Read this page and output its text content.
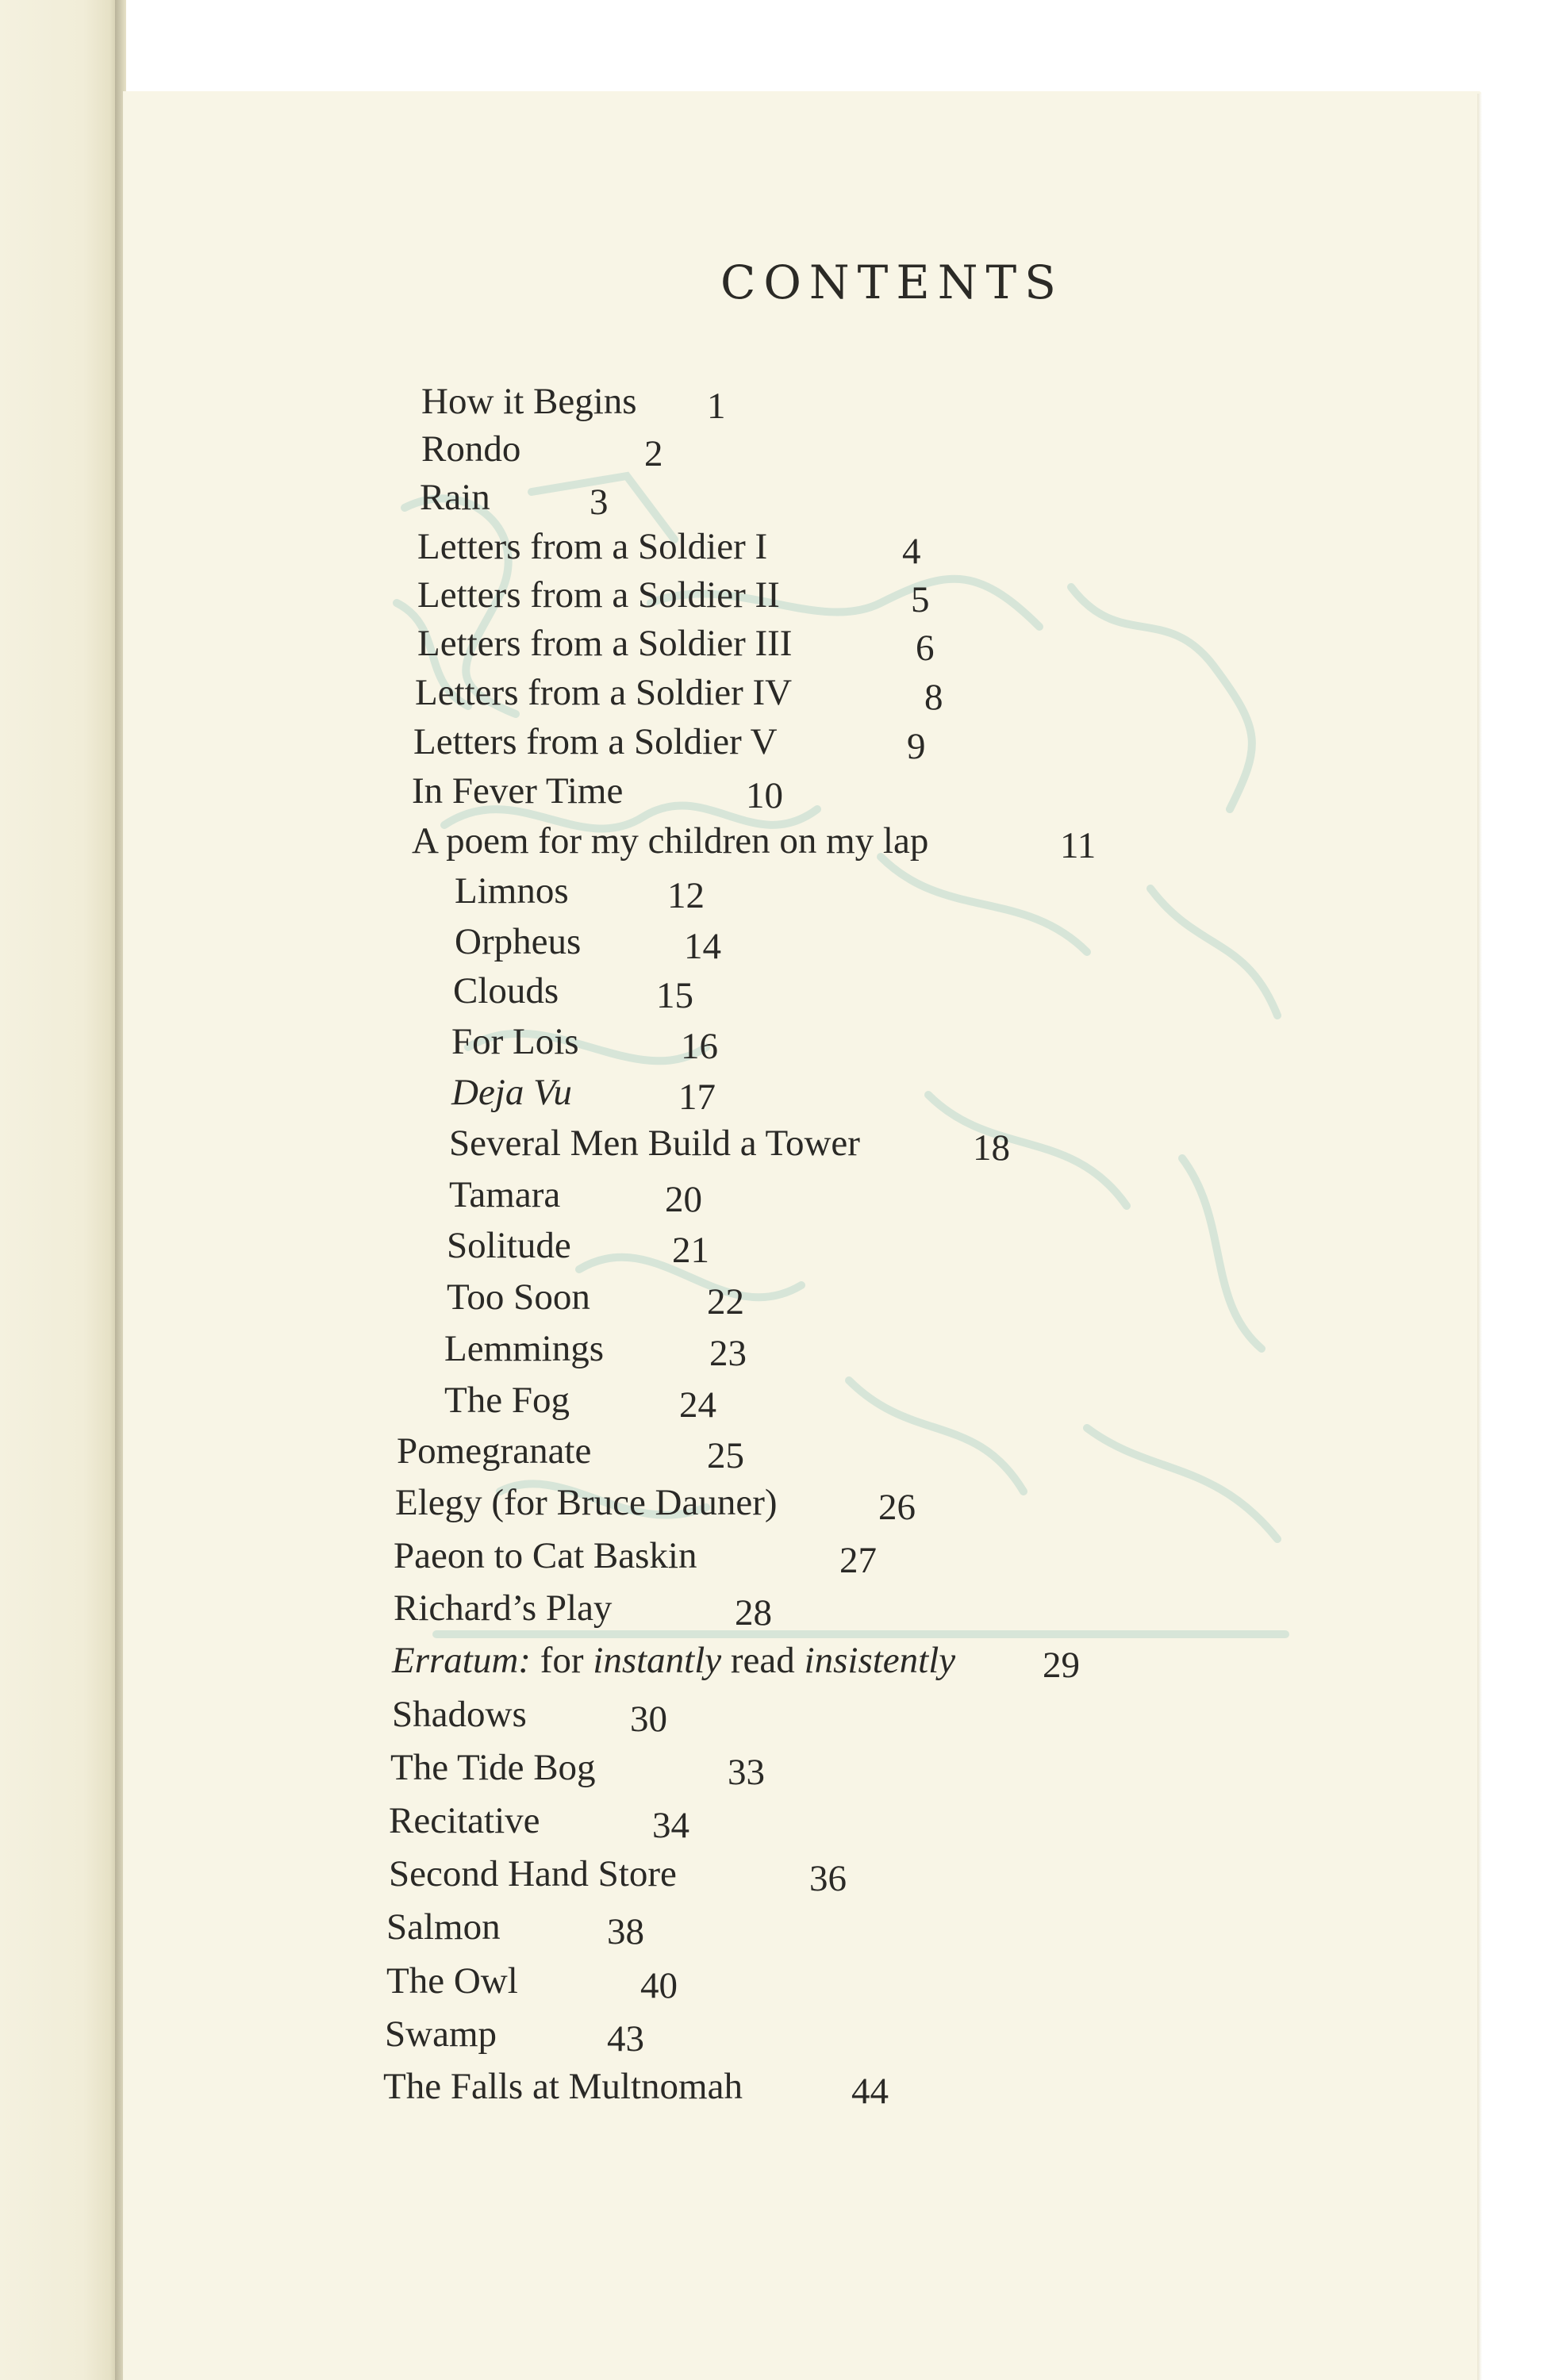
CONTENTS
How it Begins 1
Rondo	2
Rain	3
Letters from a Soldier I	4
Letters from a Soldier II	5
Letters from a Soldier III	6
Letters from a Soldier IV	8
Letters from a Soldier V	9
In Fever Time	10
A poem for my children on my lap	11
Limnos	12
Orpheus	14
Clouds	15
For Lois	16
Deja Vu	17
Several Men Build a Tower	18
Tamara	20
Solitude	21
Too Soon	22
Lemmings	23
The Fog	24
Pomegranate	25
Elegy (for Bruce Dauner)	26
Paeon to Cat Baskin	27
Richard’s Play	28
Erratum: for instantly read insistently 29
Shadows	30
The Tide Bog	33
Recitative	34
Second Hand Store	36
Salmon	38
The Owl	40
Swamp	43
The Falls at Multnomah	44
